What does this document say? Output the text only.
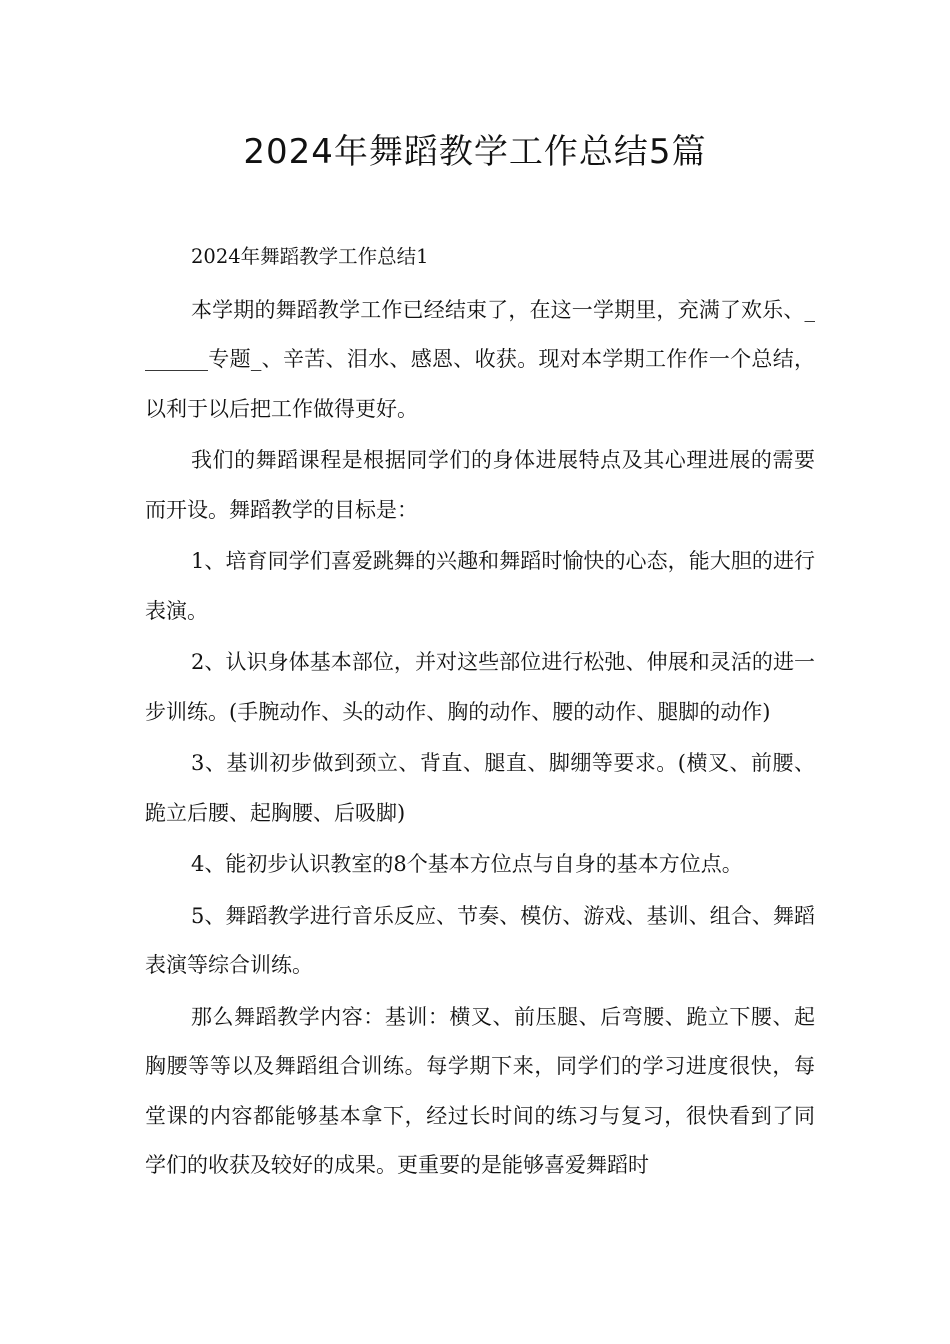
2024年舞蹈教学工作总结5篇

2024年舞蹈教学工作总结1

本学期的舞蹈教学工作已经结束了，在这一学期里，充满了欢乐、_______专题_、辛苦、泪水、感恩、收获。现对本学期工作作一个总结，以利于以后把工作做得更好。

我们的舞蹈课程是根据同学们的身体进展特点及其心理进展的需要而开设。舞蹈教学的目标是：

1、培育同学们喜爱跳舞的兴趣和舞蹈时愉快的心态，能大胆的进行表演。

2、认识身体基本部位，并对这些部位进行松弛、伸展和灵活的进一步训练。(手腕动作、头的动作、胸的动作、腰的动作、腿脚的动作)

3、基训初步做到颈立、背直、腿直、脚绷等要求。(横叉、前腰、跪立后腰、起胸腰、后吸脚)

4、能初步认识教室的8个基本方位点与自身的基本方位点。

5、舞蹈教学进行音乐反应、节奏、模仿、游戏、基训、组合、舞蹈表演等综合训练。

那么舞蹈教学内容：基训：横叉、前压腿、后弯腰、跪立下腰、起胸腰等等以及舞蹈组合训练。每学期下来，同学们的学习进度很快，每堂课的内容都能够基本拿下，经过长时间的练习与复习，很快看到了同学们的收获及较好的成果。更重要的是能够喜爱舞蹈时
